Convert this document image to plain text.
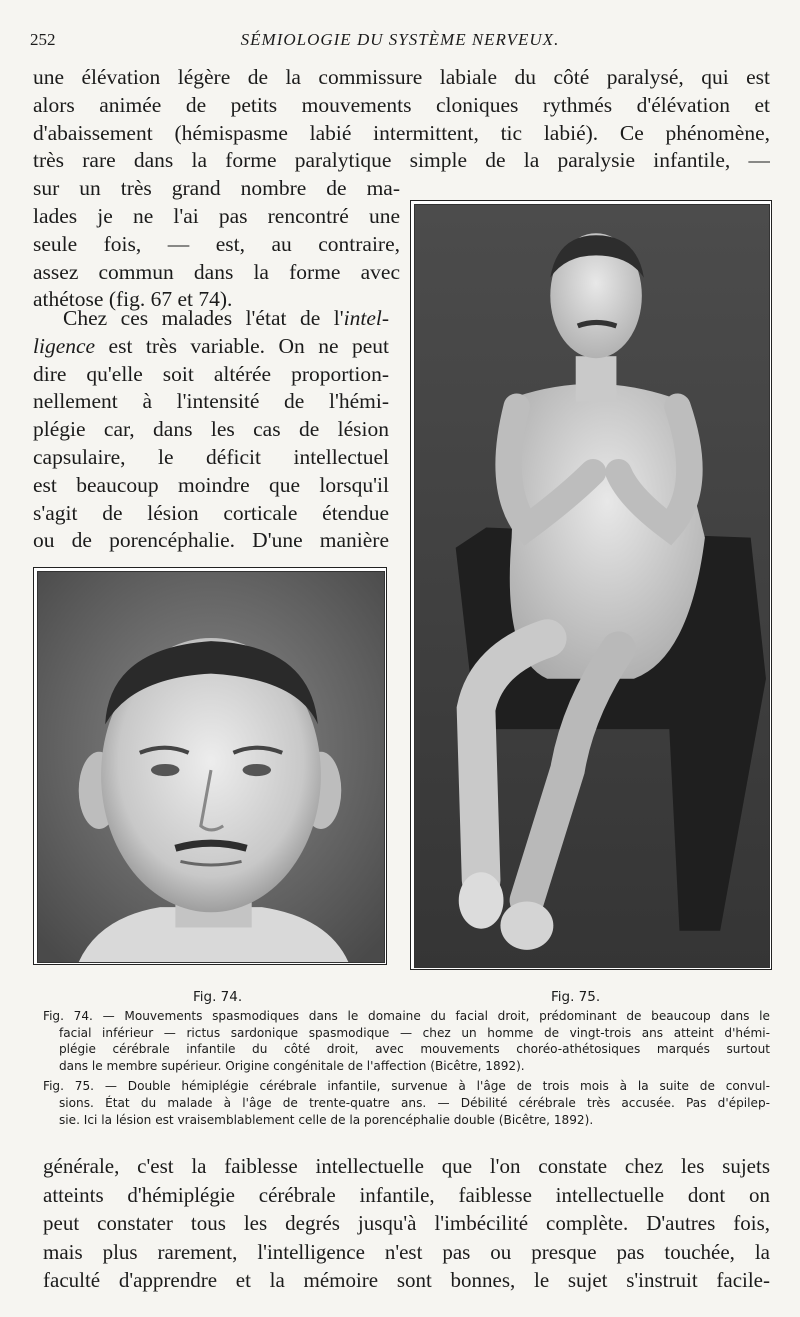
252	SÉMIOLOGIE DU SYSTÈME NERVEUX.
une élévation légère de la commissure labiale du côté paralysé, qui est
alors animée de petits mouvements cloniques rythmés d'élévation et
d'abaissement (hémispasme labié intermittent, tic labié). Ce phénomène,
très rare dans la forme paralytique simple de la paralysie infantile, —
sur un très grand nombre de ma-
lades je ne l'ai pas rencontré une
seule fois, — est, au contraire,
assez commun dans la forme avec
athétose (fig. 67 et 74).
Chez ces malades l'état de l'intel-
ligence est très variable. On ne peut
dire qu'elle soit altérée proportion-
nellement à l'intensité de l'hémi-
plégie car, dans les cas de lésion
capsulaire, le déficit intellectuel
est beaucoup moindre que lorsqu'il
s'agit de lésion corticale étendue
ou de porencéphalie. D'une manière
Fig. 74.	Fig. 75.
Fig. 74. — Mouvements spasmodiques dans le domaine du facial droit, prédominant de beaucoup dans le
facial inférieur — rictus sardonique spasmodique — chez un homme de vingt-trois ans atteint d'hémi-
plégie cérébrale infantile du côté droit, avec mouvements choréo-athétosiques marqués surtout
dans le membre supérieur. Origine congénitale de l'affection (Bicêtre, 1892).
Fig. 75. — Double hémiplégie cérébrale infantile, survenue à l'âge de trois mois à la suite de convul-
sions. État du malade à l'âge de trente-quatre ans. — Débilité cérébrale très accusée. Pas d'épilep-
sie. Ici la lésion est vraisemblablement celle de la porencéphalie double (Bicêtre, 1892).
générale, c'est la faiblesse intellectuelle que l'on constate chez les sujets
atteints d'hémiplégie cérébrale infantile, faiblesse intellectuelle dont on
peut constater tous les degrés jusqu'à l'imbécilité complète. D'autres fois,
mais plus rarement, l'intelligence n'est pas ou presque pas touchée, la
faculté d'apprendre et la mémoire sont bonnes, le sujet s'instruit facile-
